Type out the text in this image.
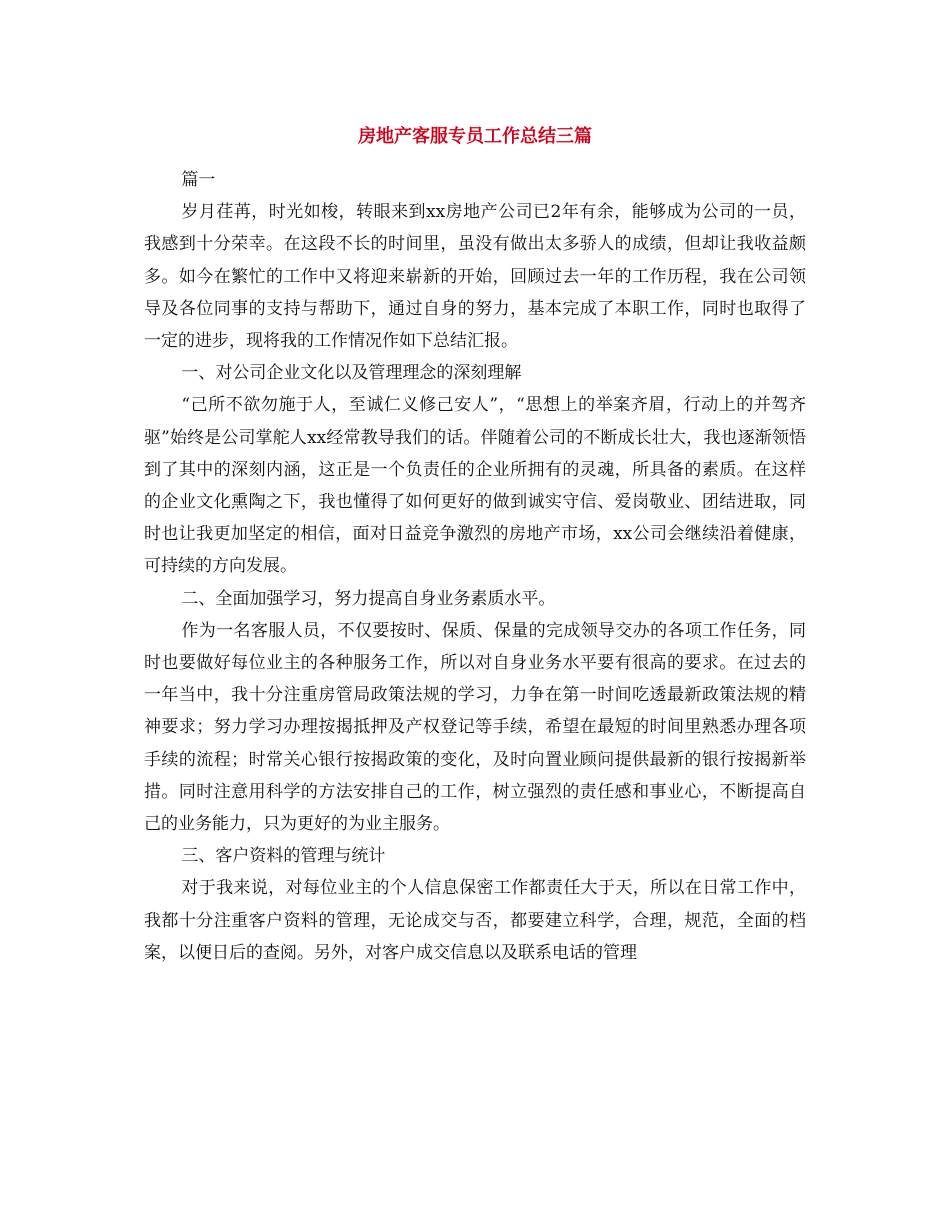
房地产客服专员工作总结三篇

篇一

岁月荏苒，时光如梭，转眼来到xx房地产公司已2年有余，能够成为公司的一员，我感到十分荣幸。在这段不长的时间里，虽没有做出太多骄人的成绩，但却让我收益颇多。如今在繁忙的工作中又将迎来崭新的开始，回顾过去一年的工作历程，我在公司领导及各位同事的支持与帮助下，通过自身的努力，基本完成了本职工作，同时也取得了一定的进步，现将我的工作情况作如下总结汇报。

一、对公司企业文化以及管理理念的深刻理解

“己所不欲勿施于人，至诚仁义修己安人”，“思想上的举案齐眉，行动上的并驾齐驱”始终是公司掌舵人xx经常教导我们的话。伴随着公司的不断成长壮大，我也逐渐领悟到了其中的深刻内涵，这正是一个负责任的企业所拥有的灵魂，所具备的素质。在这样的企业文化熏陶之下，我也懂得了如何更好的做到诚实守信、爱岗敬业、团结进取，同时也让我更加坚定的相信，面对日益竞争激烈的房地产市场，xx公司会继续沿着健康，可持续的方向发展。

二、全面加强学习，努力提高自身业务素质水平。

作为一名客服人员，不仅要按时、保质、保量的完成领导交办的各项工作任务，同时也要做好每位业主的各种服务工作，所以对自身业务水平要有很高的要求。在过去的一年当中，我十分注重房管局政策法规的学习，力争在第一时间吃透最新政策法规的精神要求；努力学习办理按揭抵押及产权登记等手续，希望在最短的时间里熟悉办理各项手续的流程；时常关心银行按揭政策的变化，及时向置业顾问提供最新的银行按揭新举措。同时注意用科学的方法安排自己的工作，树立强烈的责任感和事业心，不断提高自己的业务能力，只为更好的为业主服务。

三、客户资料的管理与统计

对于我来说，对每位业主的个人信息保密工作都责任大于天，所以在日常工作中，我都十分注重客户资料的管理，无论成交与否，都要建立科学，合理，规范，全面的档案，以便日后的查阅。另外，对客户成交信息以及联系电话的管理
